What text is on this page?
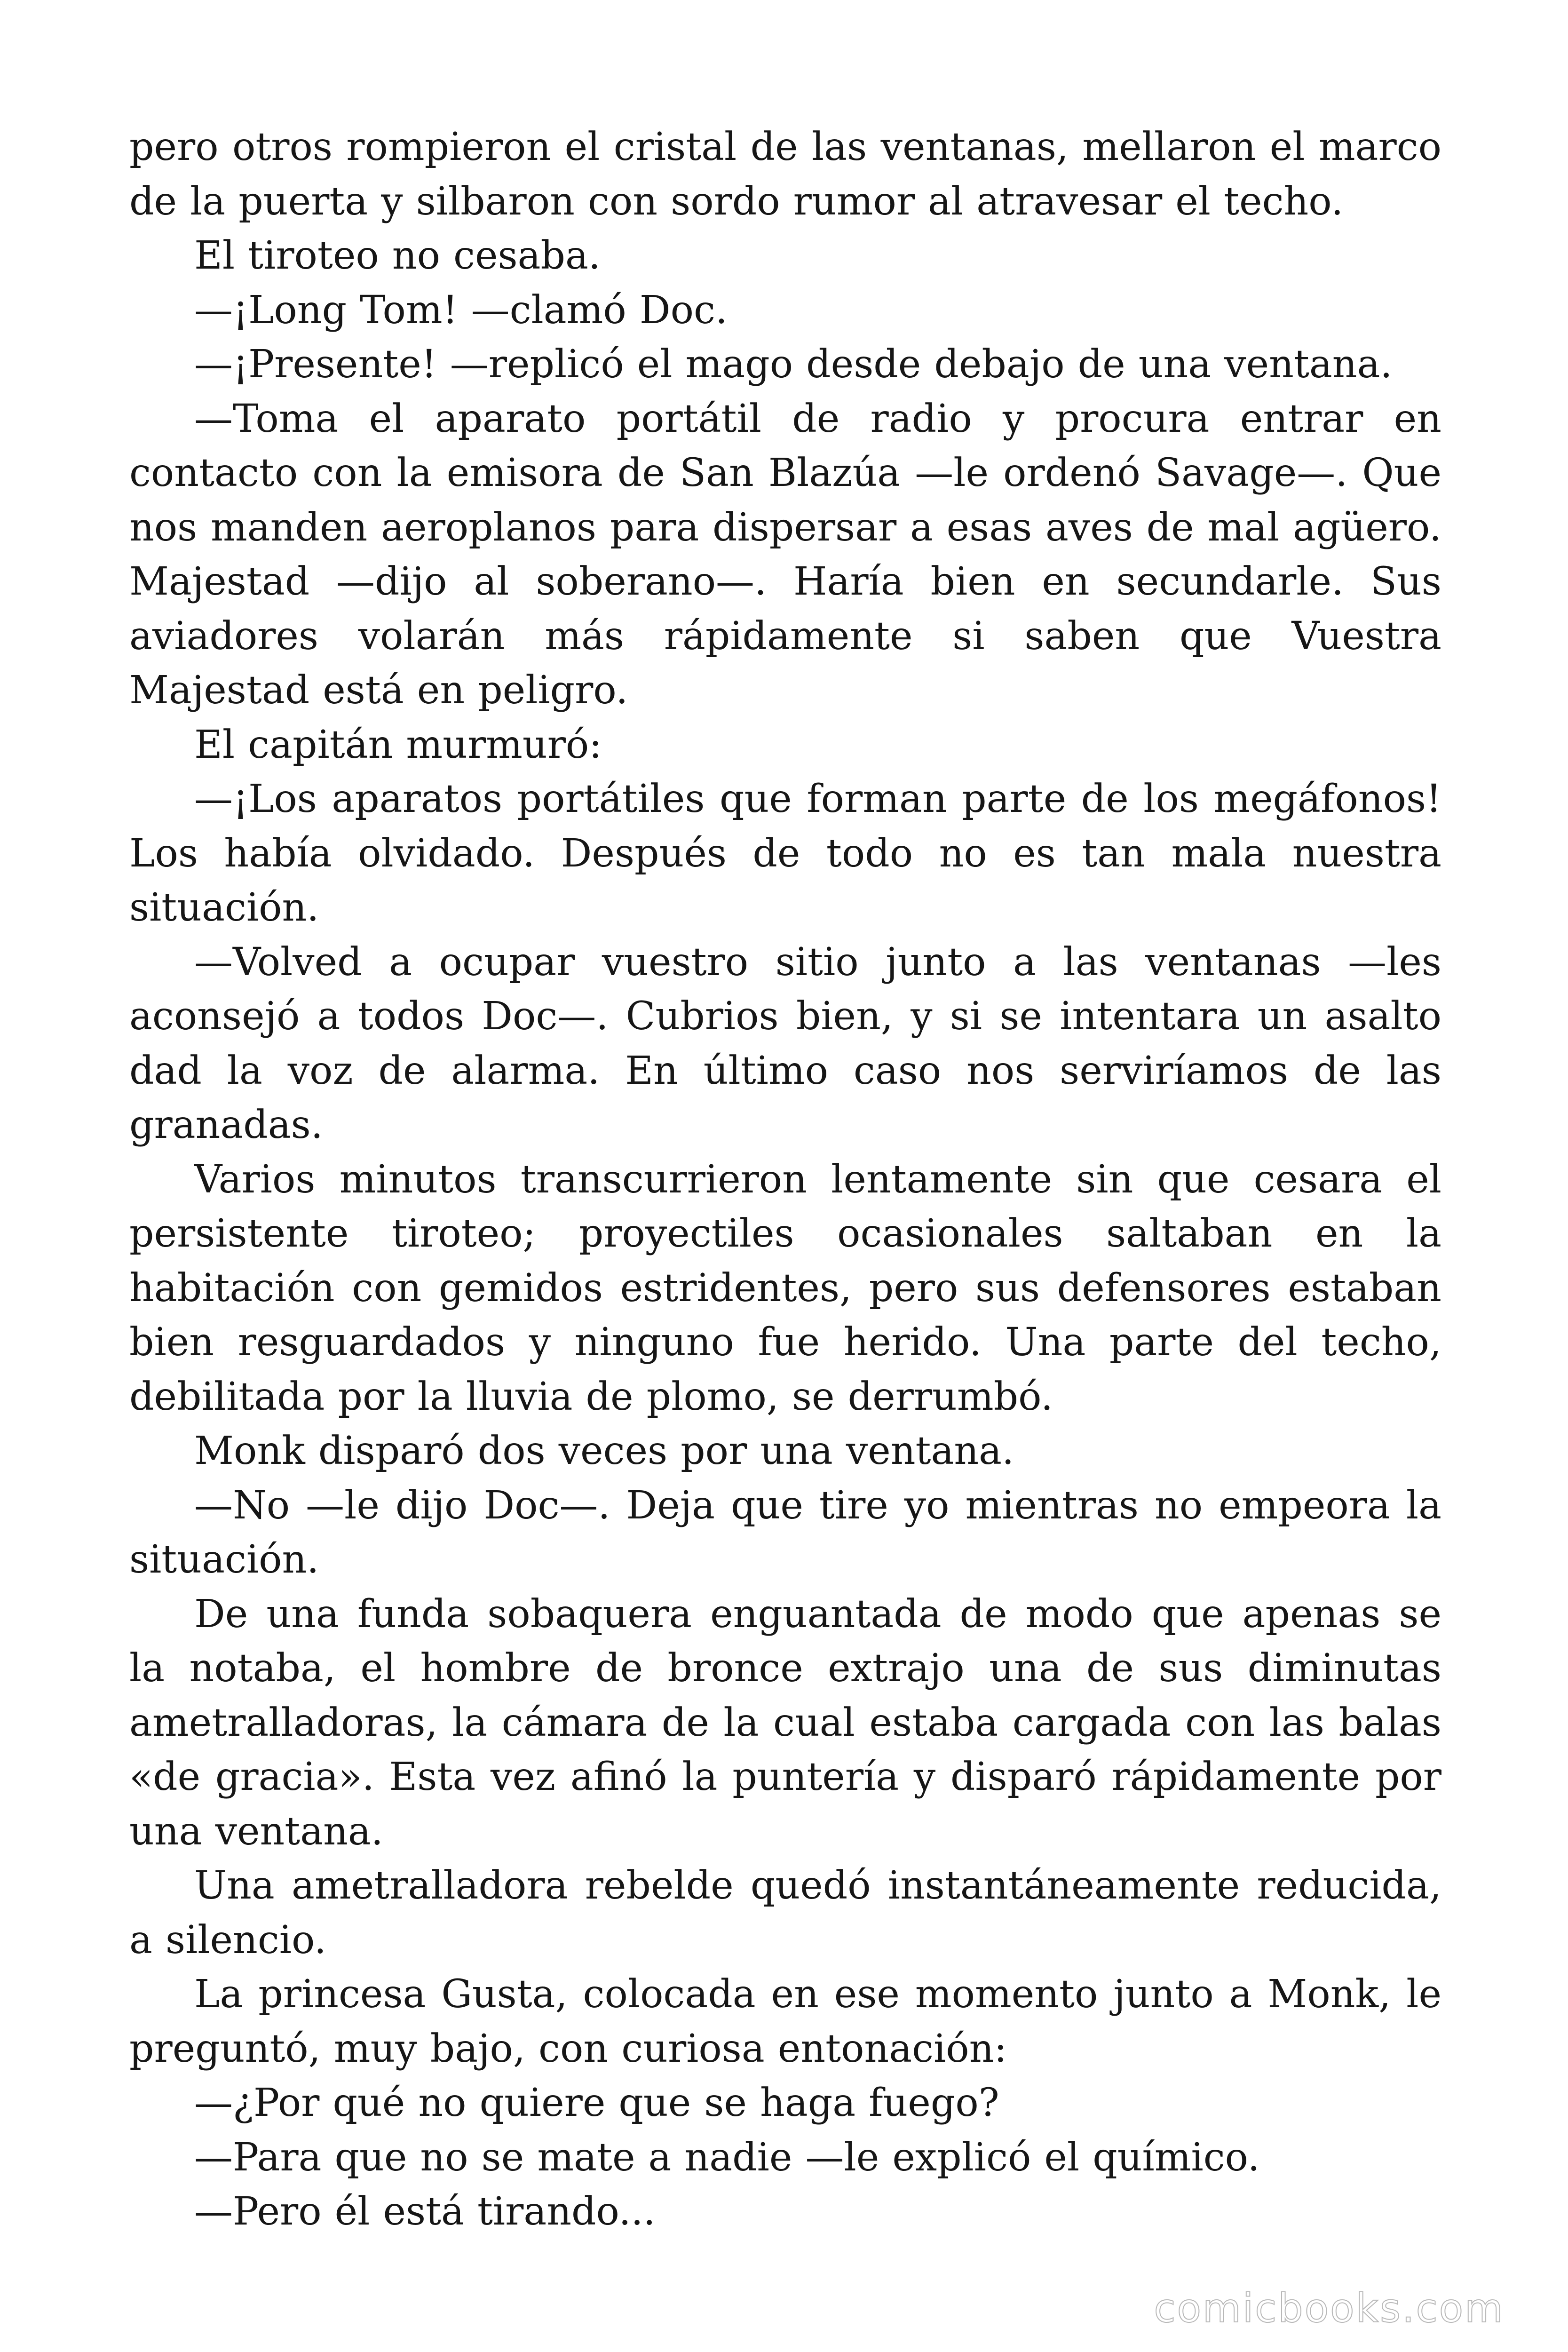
pero otros rompieron el cristal de las ventanas, mellaron el marco de la puerta y silbaron con sordo rumor al atravesar el techo.

El tiroteo no cesaba.

—¡Long Tom! —clamó Doc.

—¡Presente! —replicó el mago desde debajo de una ventana.

—Toma el aparato portátil de radio y procura entrar en contacto con la emisora de San Blazúa —le ordenó Savage—. Que nos manden aeroplanos para dispersar a esas aves de mal agüero. Majestad —dijo al soberano—. Haría bien en secundarle. Sus aviadores volarán más rápidamente si saben que Vuestra Majestad está en peligro.

El capitán murmuró:

—¡Los aparatos portátiles que forman parte de los megáfonos! Los había olvidado. Después de todo no es tan mala nuestra situación.

—Volved a ocupar vuestro sitio junto a las ventanas —les aconsejó a todos Doc—. Cubrios bien, y si se intentara un asalto dad la voz de alarma. En último caso nos serviríamos de las granadas.

Varios minutos transcurrieron lentamente sin que cesara el persistente tiroteo; proyectiles ocasionales saltaban en la habitación con gemidos estridentes, pero sus defensores estaban bien resguardados y ninguno fue herido. Una parte del techo, debilitada por la lluvia de plomo, se derrumbó.

Monk disparó dos veces por una ventana.

—No —le dijo Doc—. Deja que tire yo mientras no empeora la situación.

De una funda sobaquera enguantada de modo que apenas se la notaba, el hombre de bronce extrajo una de sus diminutas ametralladoras, la cámara de la cual estaba cargada con las balas «de gracia». Esta vez afinó la puntería y disparó rápidamente por una ventana.

Una ametralladora rebelde quedó instantáneamente reducida, a silencio.

La princesa Gusta, colocada en ese momento junto a Monk, le preguntó, muy bajo, con curiosa entonación:

—¿Por qué no quiere que se haga fuego?

—Para que no se mate a nadie —le explicó el químico.

—Pero él está tirando...

comicbooks.com
